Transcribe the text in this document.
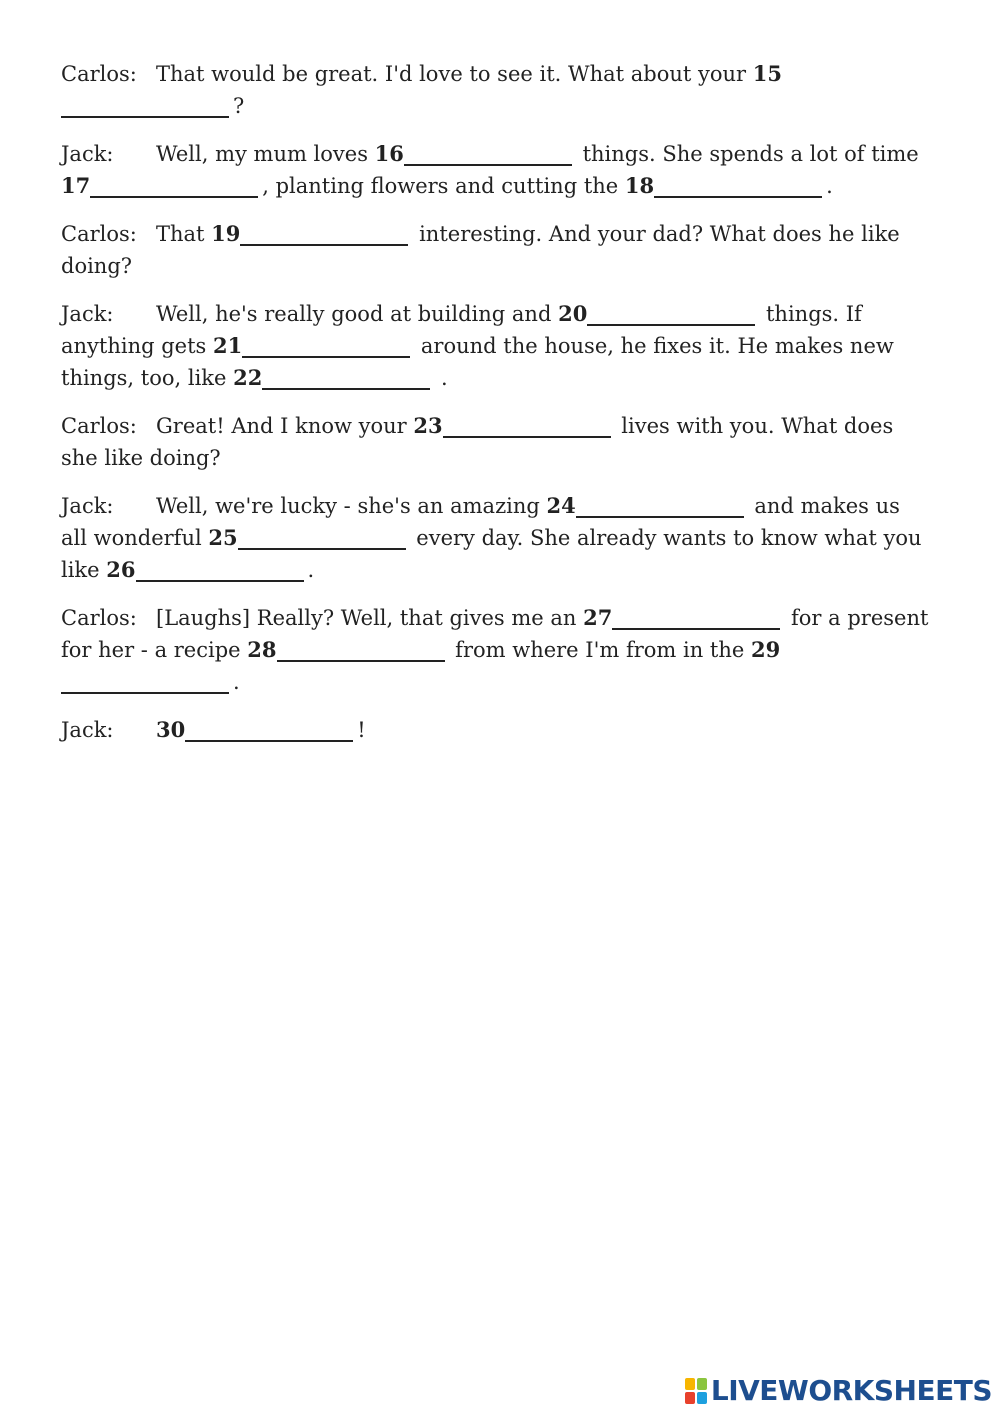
Carlos: That would be great. I'd love to see it. What about your 15?
Jack: Well, my mum loves 16	things. She spends a lot of time 17	, planting flowers and cutting the 18	.
Carlos: That 19	interesting. And your dad? What does he like doing?
Jack: Well, he's really good at building and 20	things. If anything gets 21	around the house, he fixes it. He makes new things, too, like 22	.
Carlos: Great! And I know your 23	lives with you. What does she like doing?
Jack: Well, we're lucky - she's an amazing 24	and makes us all wonderful 25	every day. She already wants to know what you like 26	.
Carlos: [Laughs] Really? Well, that gives me an 27	for a present for her - a recipe 28	from where I'm from in the 29.
Jack: 30	!
LIVEWORKSHEETS
